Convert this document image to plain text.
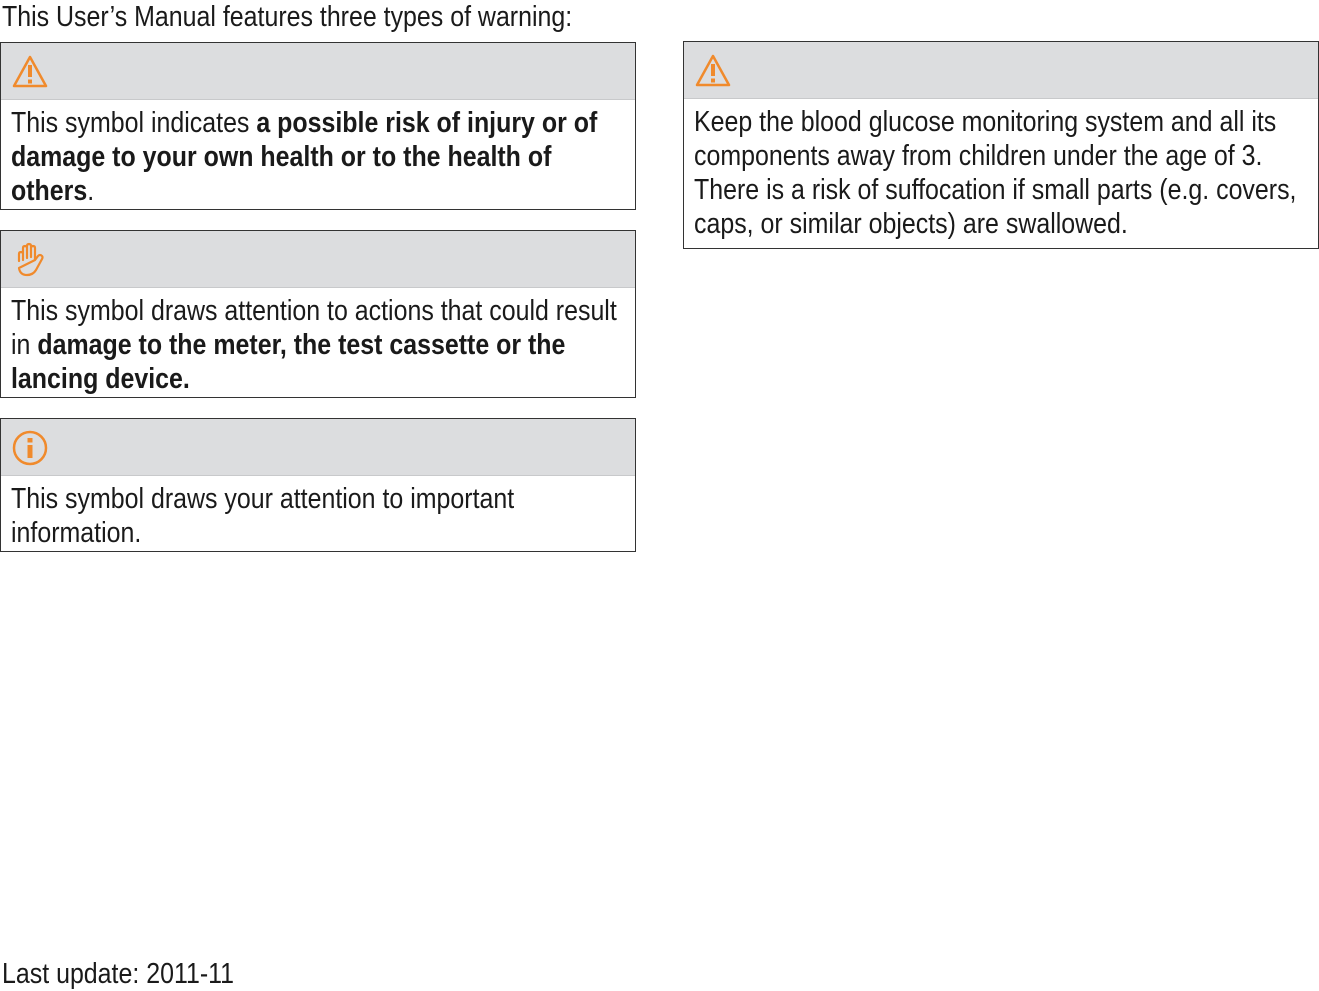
This User’s Manual features three types of warning:
This symbol indicates a possible risk of injury or of damage to your own health or to the health of others.
This symbol draws attention to actions that could result in damage to the meter, the test cassette or the lancing device.
This symbol draws your attention to important information.
Keep the blood glucose monitoring system and all its components away from children under the age of 3. There is a risk of suffocation if small parts (e.g. covers, caps, or similar objects) are swallowed.
Last update: 2011-11
